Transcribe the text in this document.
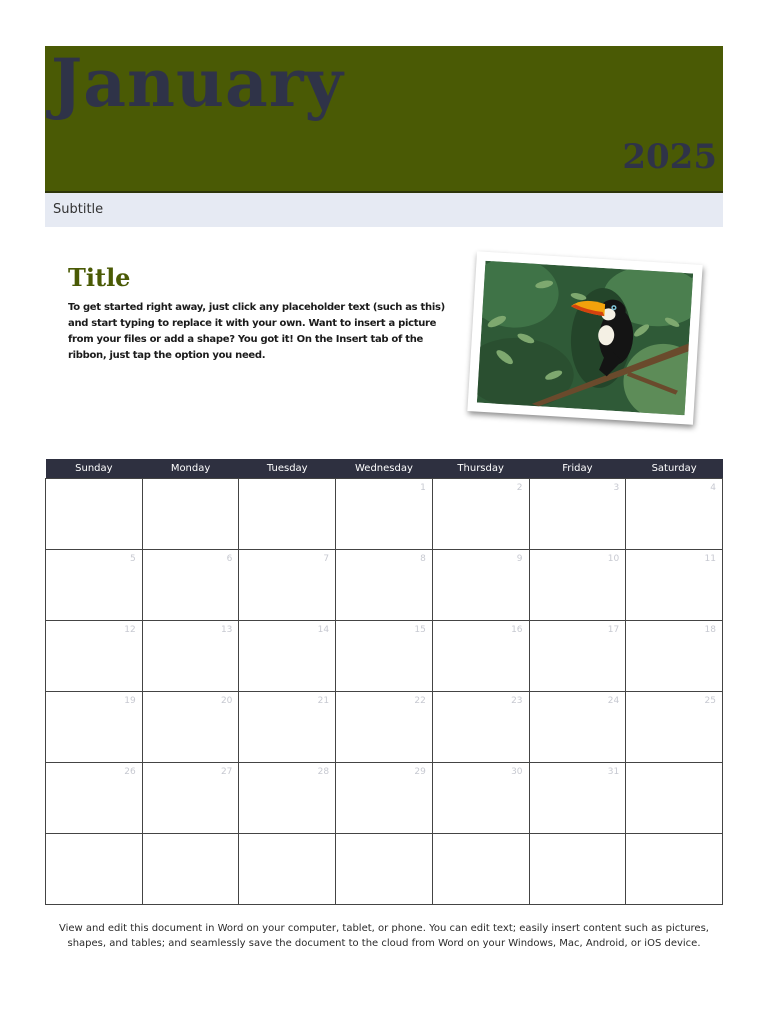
January
2025
Subtitle
Title

To get started right away, just click any placeholder text (such as this) and start typing to replace it with your own. Want to insert a picture from your files or add a shape? You got it! On the Insert tab of the ribbon, just tap the option you need.

Sunday	Monday	Tuesday	Wednesday	Thursday	Friday	Saturday

			1	2	3	4

5	6	7	8	9	10	11

12	13	14	15	16	17	18

19	20	21	22	23	24	25

26	27	28	29	30	31	

View and edit this document in Word on your computer, tablet, or phone. You can edit text; easily insert content such as pictures, shapes, and tables; and seamlessly save the document to the cloud from Word on your Windows, Mac, Android, or iOS device.
